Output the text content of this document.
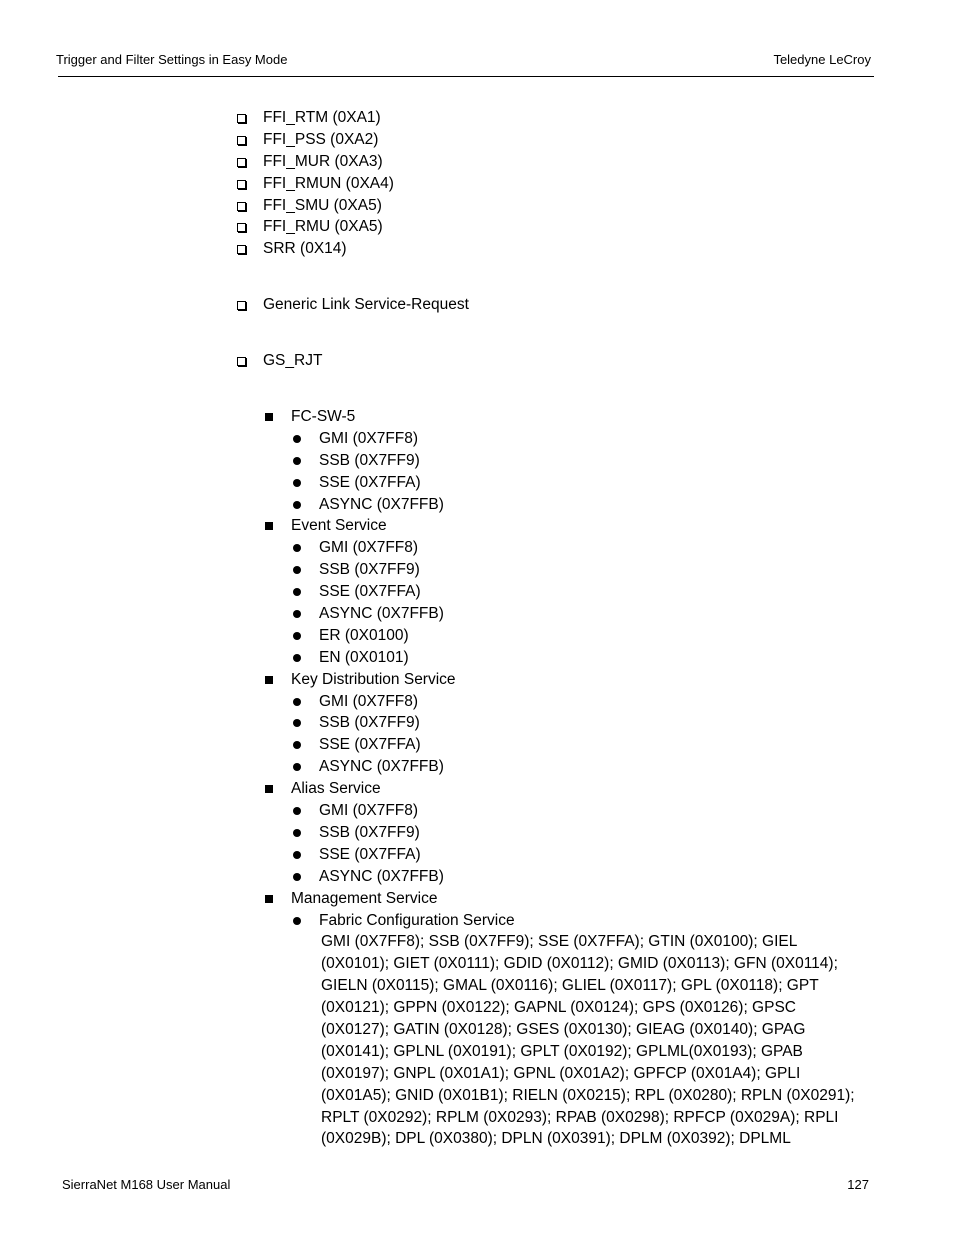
Trigger and Filter Settings in Easy Mode	Teledyne LeCroy
FFI_RTM (0XA1)
FFI_PSS (0XA2)
FFI_MUR (0XA3)
FFI_RMUN (0XA4)
FFI_SMU (0XA5)
FFI_RMU (0XA5)
SRR (0X14)
Generic Link Service-Request
GS_RJT
FC-SW-5
GMI (0X7FF8)
SSB (0X7FF9)
SSE (0X7FFA)
ASYNC (0X7FFB)
Event Service
GMI (0X7FF8)
SSB (0X7FF9)
SSE (0X7FFA)
ASYNC (0X7FFB)
ER (0X0100)
EN (0X0101)
Key Distribution Service
GMI (0X7FF8)
SSB (0X7FF9)
SSE (0X7FFA)
ASYNC (0X7FFB)
Alias Service
GMI (0X7FF8)
SSB (0X7FF9)
SSE (0X7FFA)
ASYNC (0X7FFB)
Management Service
Fabric Configuration Service
GMI (0X7FF8); SSB (0X7FF9); SSE (0X7FFA); GTIN (0X0100); GIEL
(0X0101); GIET (0X0111); GDID (0X0112); GMID (0X0113); GFN (0X0114);
GIELN (0X0115); GMAL (0X0116); GLIEL (0X0117); GPL (0X0118); GPT
(0X0121); GPPN (0X0122); GAPNL (0X0124); GPS (0X0126); GPSC
(0X0127); GATIN (0X0128); GSES (0X0130); GIEAG (0X0140); GPAG
(0X0141); GPLNL (0X0191); GPLT (0X0192); GPLML(0X0193); GPAB
(0X0197); GNPL (0X01A1); GPNL (0X01A2); GPFCP (0X01A4); GPLI
(0X01A5); GNID (0X01B1); RIELN (0X0215); RPL (0X0280); RPLN (0X0291);
RPLT (0X0292); RPLM (0X0293); RPAB (0X0298); RPFCP (0X029A); RPLI
(0X029B); DPL (0X0380); DPLN (0X0391); DPLM (0X0392); DPLML
SierraNet M168 User Manual	127
